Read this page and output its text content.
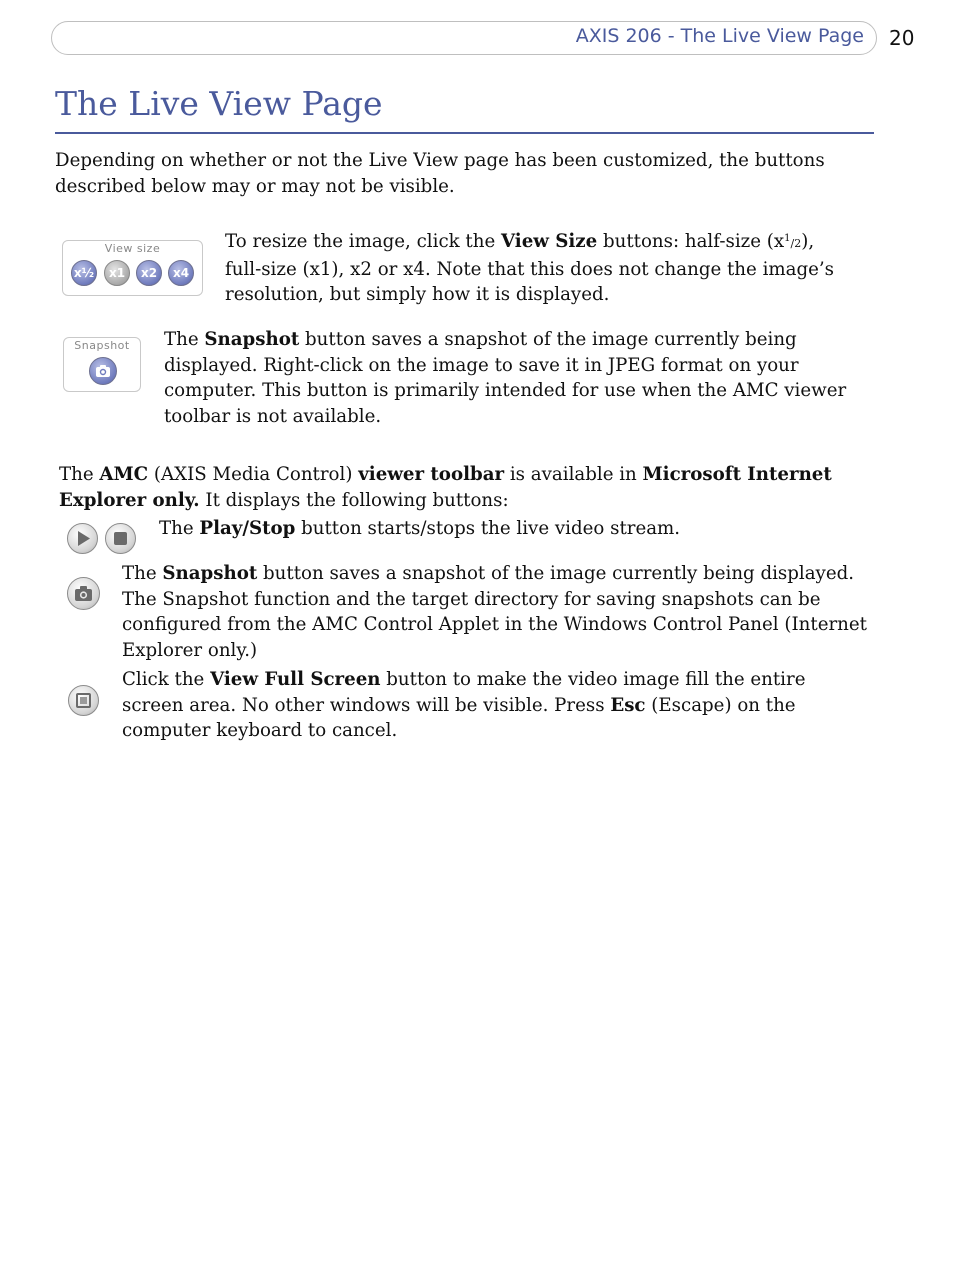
AXIS 206 - The Live View Page 20
The Live View Page

Depending on whether or not the Live View page has been customized, the buttons described below may or may not be visible.

View size
x½	x1	x2	x4

To resize the image, click the View Size buttons: half-size $(x^1/2)$, full-size (x1), x2 or x4. Note that this does not change the image’s resolution, but simply how it is displayed.

Snapshot	The Snapshot button saves a snapshot of the image currently being displayed. Right-click on the image to save it in JPEG format on your computer. This button is primarily intended for use when the AMC viewer toolbar is not available.

The AMC (AXIS Media Control) viewer toolbar is available in Microsoft Internet Explorer only. It displays the following buttons:

The Play/Stop button starts/stops the live video stream.

The Snapshot button saves a snapshot of the image currently being displayed. The Snapshot function and the target directory for saving snapshots can be configured from the AMC Control Applet in the Windows Control Panel (Internet Explorer only.)

Click the View Full Screen button to make the video image fill the entire screen area. No other windows will be visible. Press Esc (Escape) on the computer keyboard to cancel.
